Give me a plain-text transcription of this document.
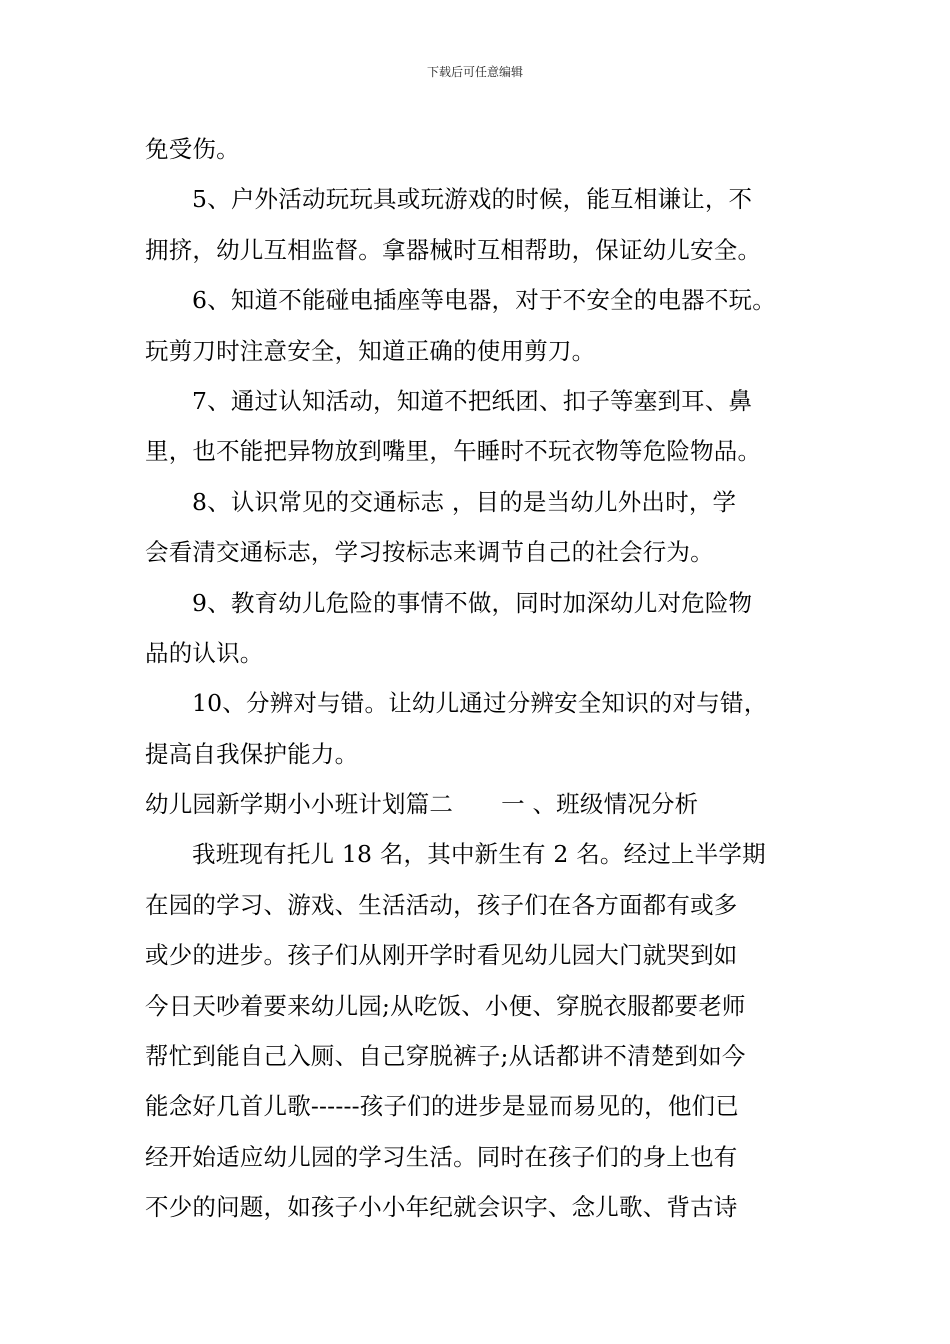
下载后可任意编辑
免受伤。
5、户外活动玩玩具或玩游戏的时候，能互相谦让，不
拥挤，幼儿互相监督。拿器械时互相帮助，保证幼儿安全。
6、知道不能碰电插座等电器，对于不安全的电器不玩。
玩剪刀时注意安全，知道正确的使用剪刀。
7、通过认知活动，知道不把纸团、扣子等塞到耳、鼻
里，也不能把异物放到嘴里，午睡时不玩衣物等危险物品。
8、认识常见的交通标志 ，目的是当幼儿外出时，学
会看清交通标志，学习按标志来调节自己的社会行为。
9、教育幼儿危险的事情不做，同时加深幼儿对危险物
品的认识。
10、分辨对与错。让幼儿通过分辨安全知识的对与错，
提高自我保护能力。
幼儿园新学期小小班计划篇二 一 、班级情况分析
我班现有托儿 18 名，其中新生有 2 名。经过上半学期
在园的学习、游戏、生活活动，孩子们在各方面都有或多
或少的进步。孩子们从刚开学时看见幼儿园大门就哭到如
今日天吵着要来幼儿园;从吃饭、小便、穿脱衣服都要老师
帮忙到能自己入厕、自己穿脱裤子;从话都讲不清楚到如今
能念好几首儿歌------孩子们的进步是显而易见的，他们已
经开始适应幼儿园的学习生活。同时在孩子们的身上也有
不少的问题，如孩子小小年纪就会识字、念儿歌、背古诗
